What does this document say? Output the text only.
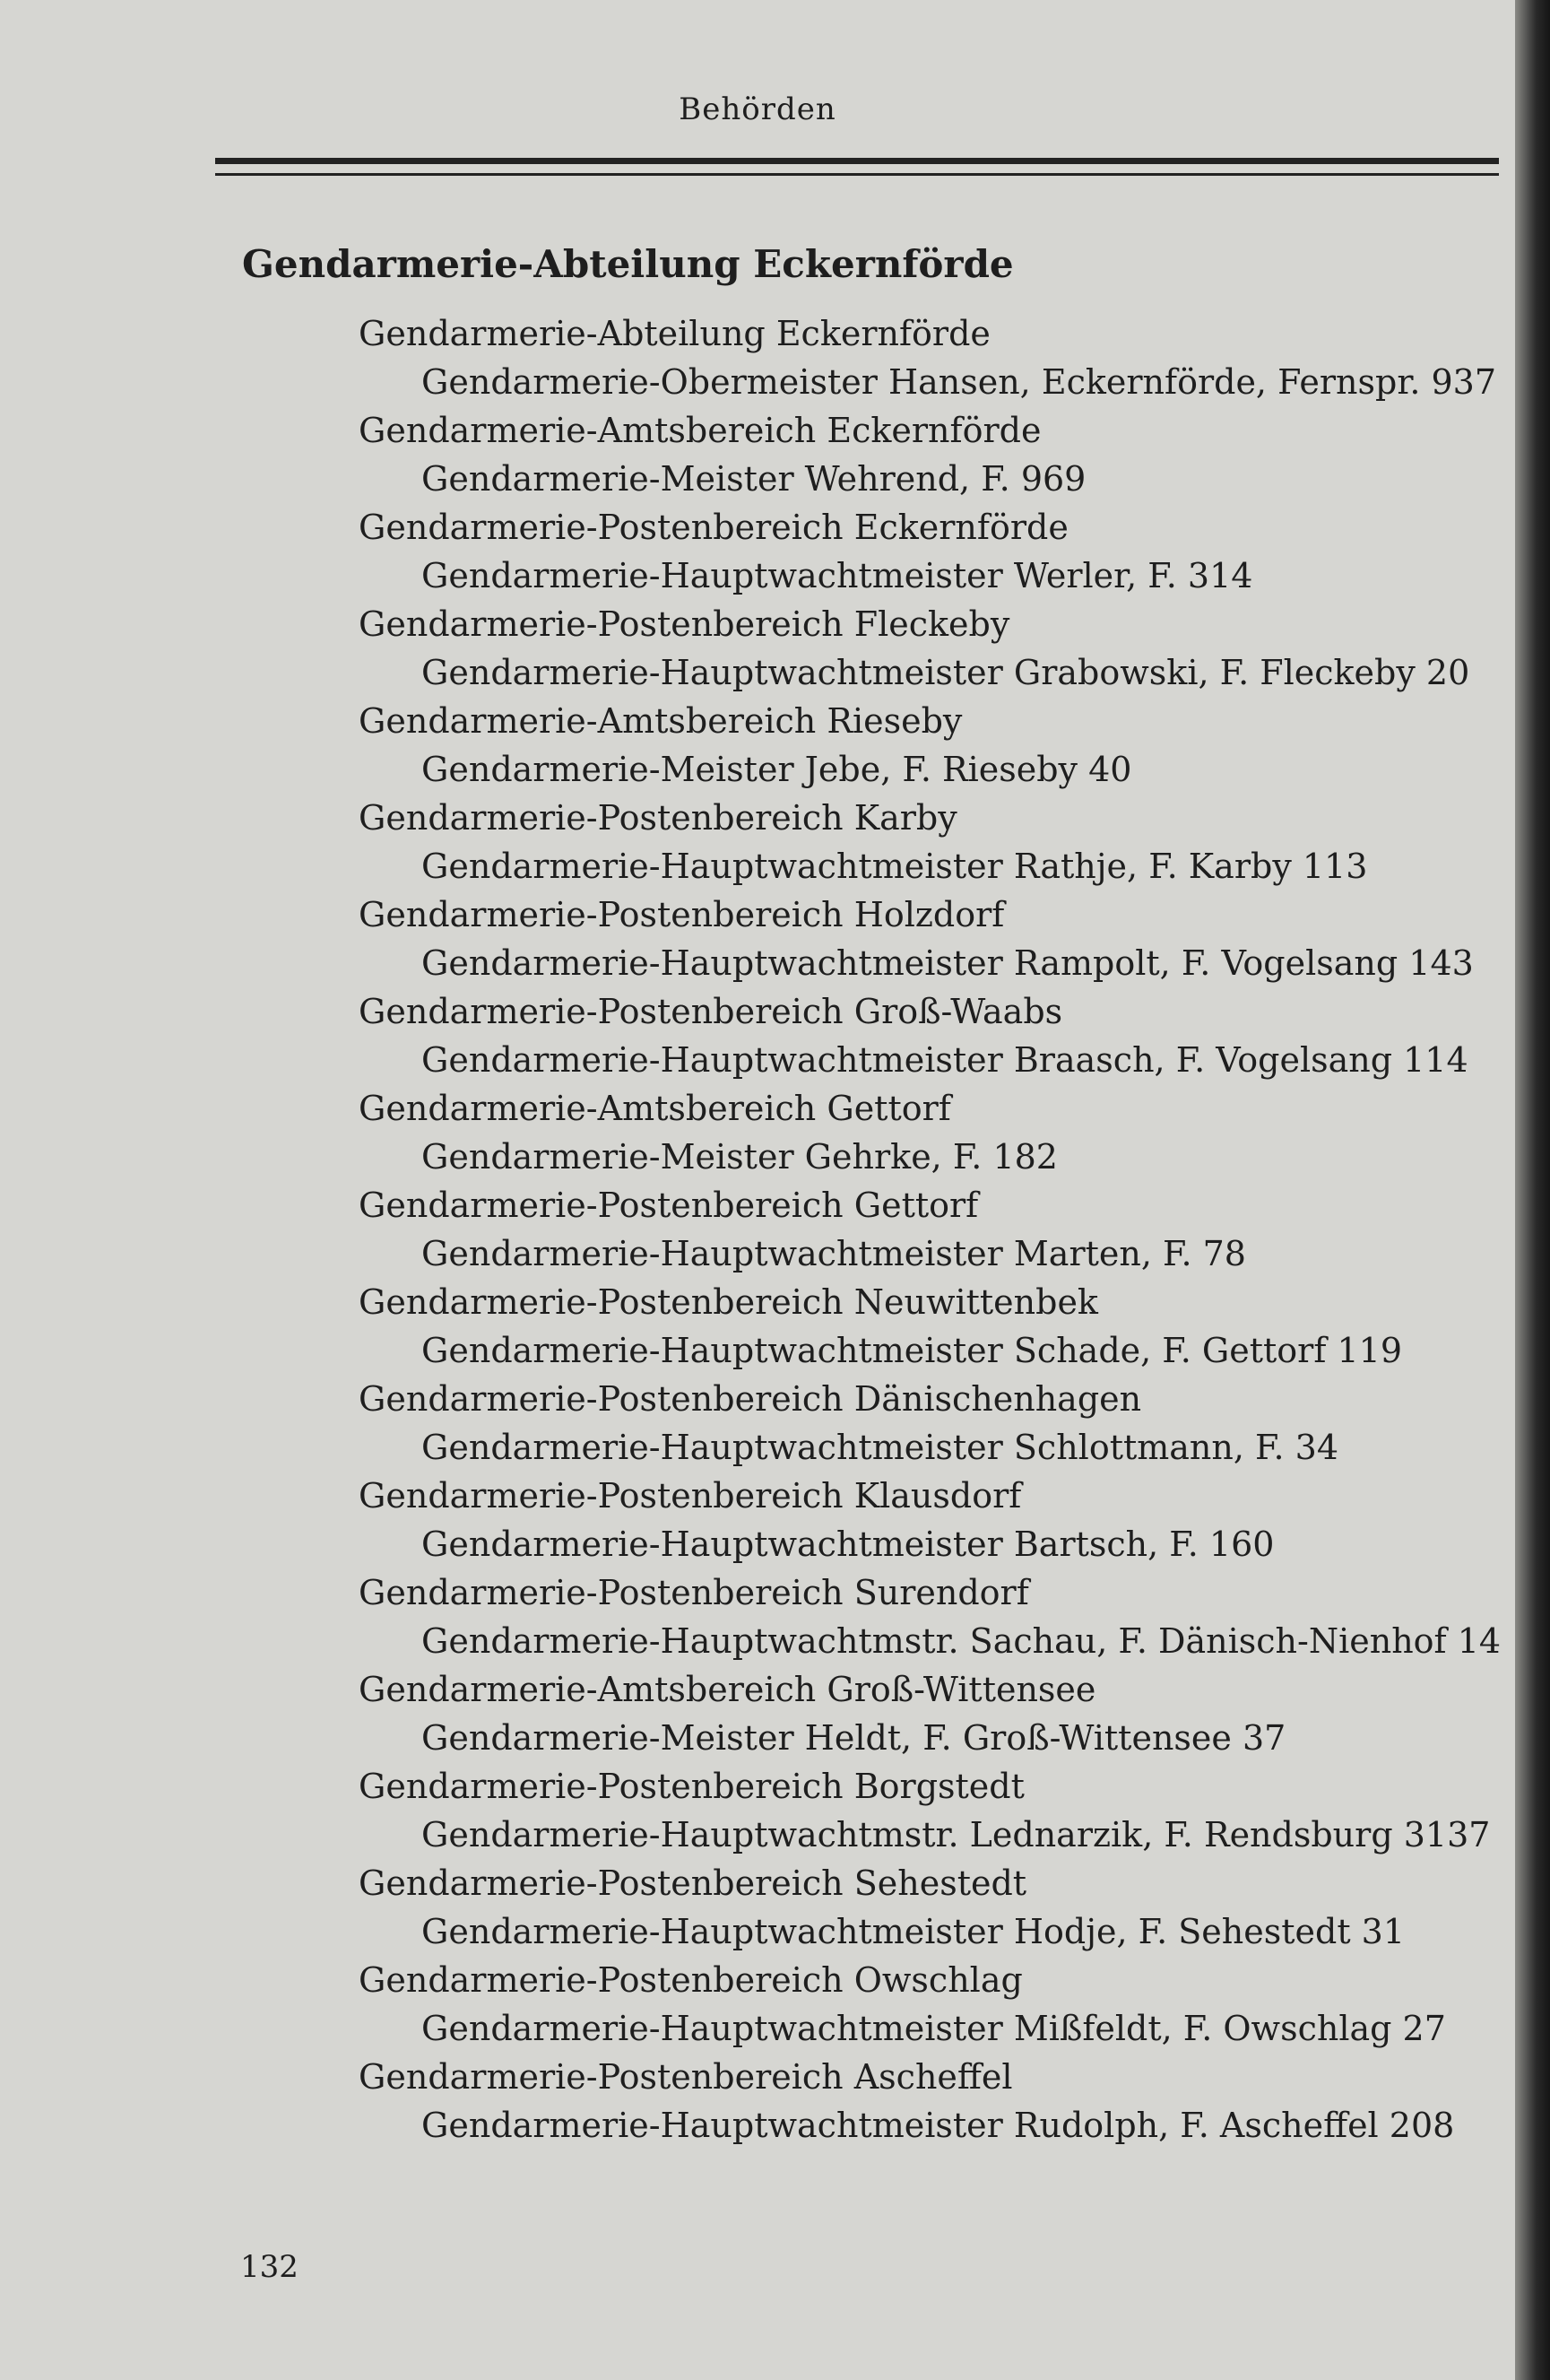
Behörden
Gendarmerie-Abteilung Eckernförde
Gendarmerie-Abteilung Eckernförde
Gendarmerie-Obermeister Hansen, Eckernförde, Fernspr. 937
Gendarmerie-Amtsbereich Eckernförde
Gendarmerie-Meister Wehrend, F. 969
Gendarmerie-Postenbereich Eckernförde
Gendarmerie-Hauptwachtmeister Werler, F. 314
Gendarmerie-Postenbereich Fleckeby
Gendarmerie-Hauptwachtmeister Grabowski, F. Fleckeby 20
Gendarmerie-Amtsbereich Rieseby
Gendarmerie-Meister Jebe, F. Rieseby 40
Gendarmerie-Postenbereich Karby
Gendarmerie-Hauptwachtmeister Rathje, F. Karby 113
Gendarmerie-Postenbereich Holzdorf
Gendarmerie-Hauptwachtmeister Rampolt, F. Vogelsang 143
Gendarmerie-Postenbereich Groß-Waabs
Gendarmerie-Hauptwachtmeister Braasch, F. Vogelsang 114
Gendarmerie-Amtsbereich Gettorf
Gendarmerie-Meister Gehrke, F. 182
Gendarmerie-Postenbereich Gettorf
Gendarmerie-Hauptwachtmeister Marten, F. 78
Gendarmerie-Postenbereich Neuwittenbek
Gendarmerie-Hauptwachtmeister Schade, F. Gettorf 119
Gendarmerie-Postenbereich Dänischenhagen
Gendarmerie-Hauptwachtmeister Schlottmann, F. 34
Gendarmerie-Postenbereich Klausdorf
Gendarmerie-Hauptwachtmeister Bartsch, F. 160
Gendarmerie-Postenbereich Surendorf
Gendarmerie-Hauptwachtmstr. Sachau, F. Dänisch-Nienhof 14
Gendarmerie-Amtsbereich Groß-Wittensee
Gendarmerie-Meister Heldt, F. Groß-Wittensee 37
Gendarmerie-Postenbereich Borgstedt
Gendarmerie-Hauptwachtmstr. Lednarzik, F. Rendsburg 3137
Gendarmerie-Postenbereich Sehestedt
Gendarmerie-Hauptwachtmeister Hodje, F. Sehestedt 31
Gendarmerie-Postenbereich Owschlag
Gendarmerie-Hauptwachtmeister Mißfeldt, F. Owschlag 27
Gendarmerie-Postenbereich Ascheffel
Gendarmerie-Hauptwachtmeister Rudolph, F. Ascheffel 208
132
